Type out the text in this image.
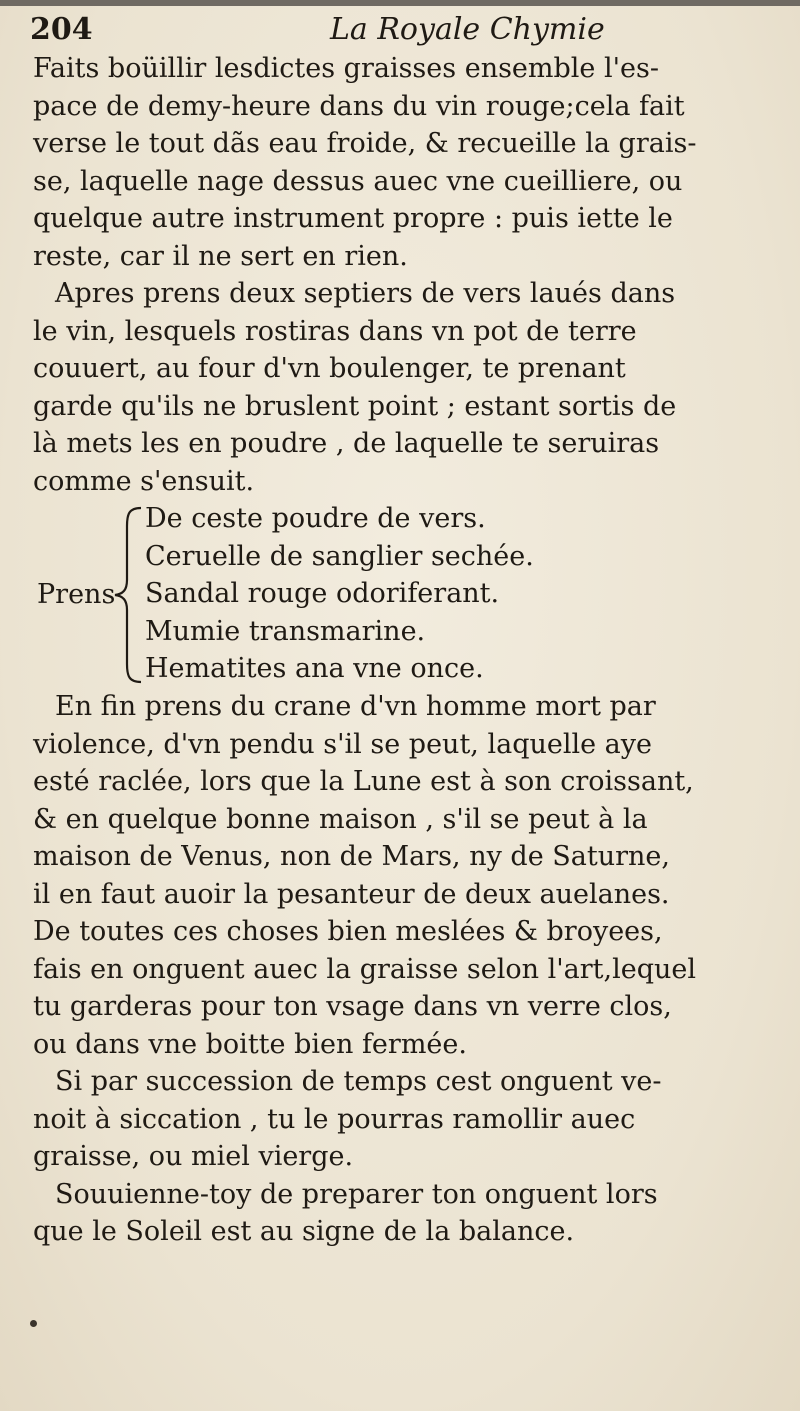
204	La Royale Chymie
Faits boüillir lesdictes graisses ensemble l'es-
pace de demy-heure dans du vin rouge;cela fait
verse le tout dãs eau froide, & recueille la grais-
se, laquelle nage dessus auec vne cueilliere, ou
quelque autre instrument propre : puis iette le
reste, car il ne sert en rien.
Apres prens deux septiers de vers laués dans
le vin, lesquels rostiras dans vn pot de terre
couuert, au four d'vn boulenger, te prenant
garde qu'ils ne bruslent point ; estant sortis de
là mets les en poudre , de laquelle te seruiras
comme s'ensuit.
Prens
De ceste poudre de vers.
Ceruelle de sanglier sechée.
Sandal rouge odoriferant.
Mumie transmarine.
Hematites ana vne once.
En fin prens du crane d'vn homme mort par
violence, d'vn pendu s'il se peut, laquelle aye
esté raclée, lors que la Lune est à son croissant,
& en quelque bonne maison , s'il se peut à la
maison de Venus, non de Mars, ny de Saturne,
il en faut auoir la pesanteur de deux auelanes.
De toutes ces choses bien meslées & broyees,
fais en onguent auec la graisse selon l'art,lequel
tu garderas pour ton vsage dans vn verre clos,
ou dans vne boitte bien fermée.
Si par succession de temps cest onguent ve-
noit à siccation , tu le pourras ramollir auec
graisse, ou miel vierge.
Souuienne-toy de preparer ton onguent lors
que le Soleil est au signe de la balance.
